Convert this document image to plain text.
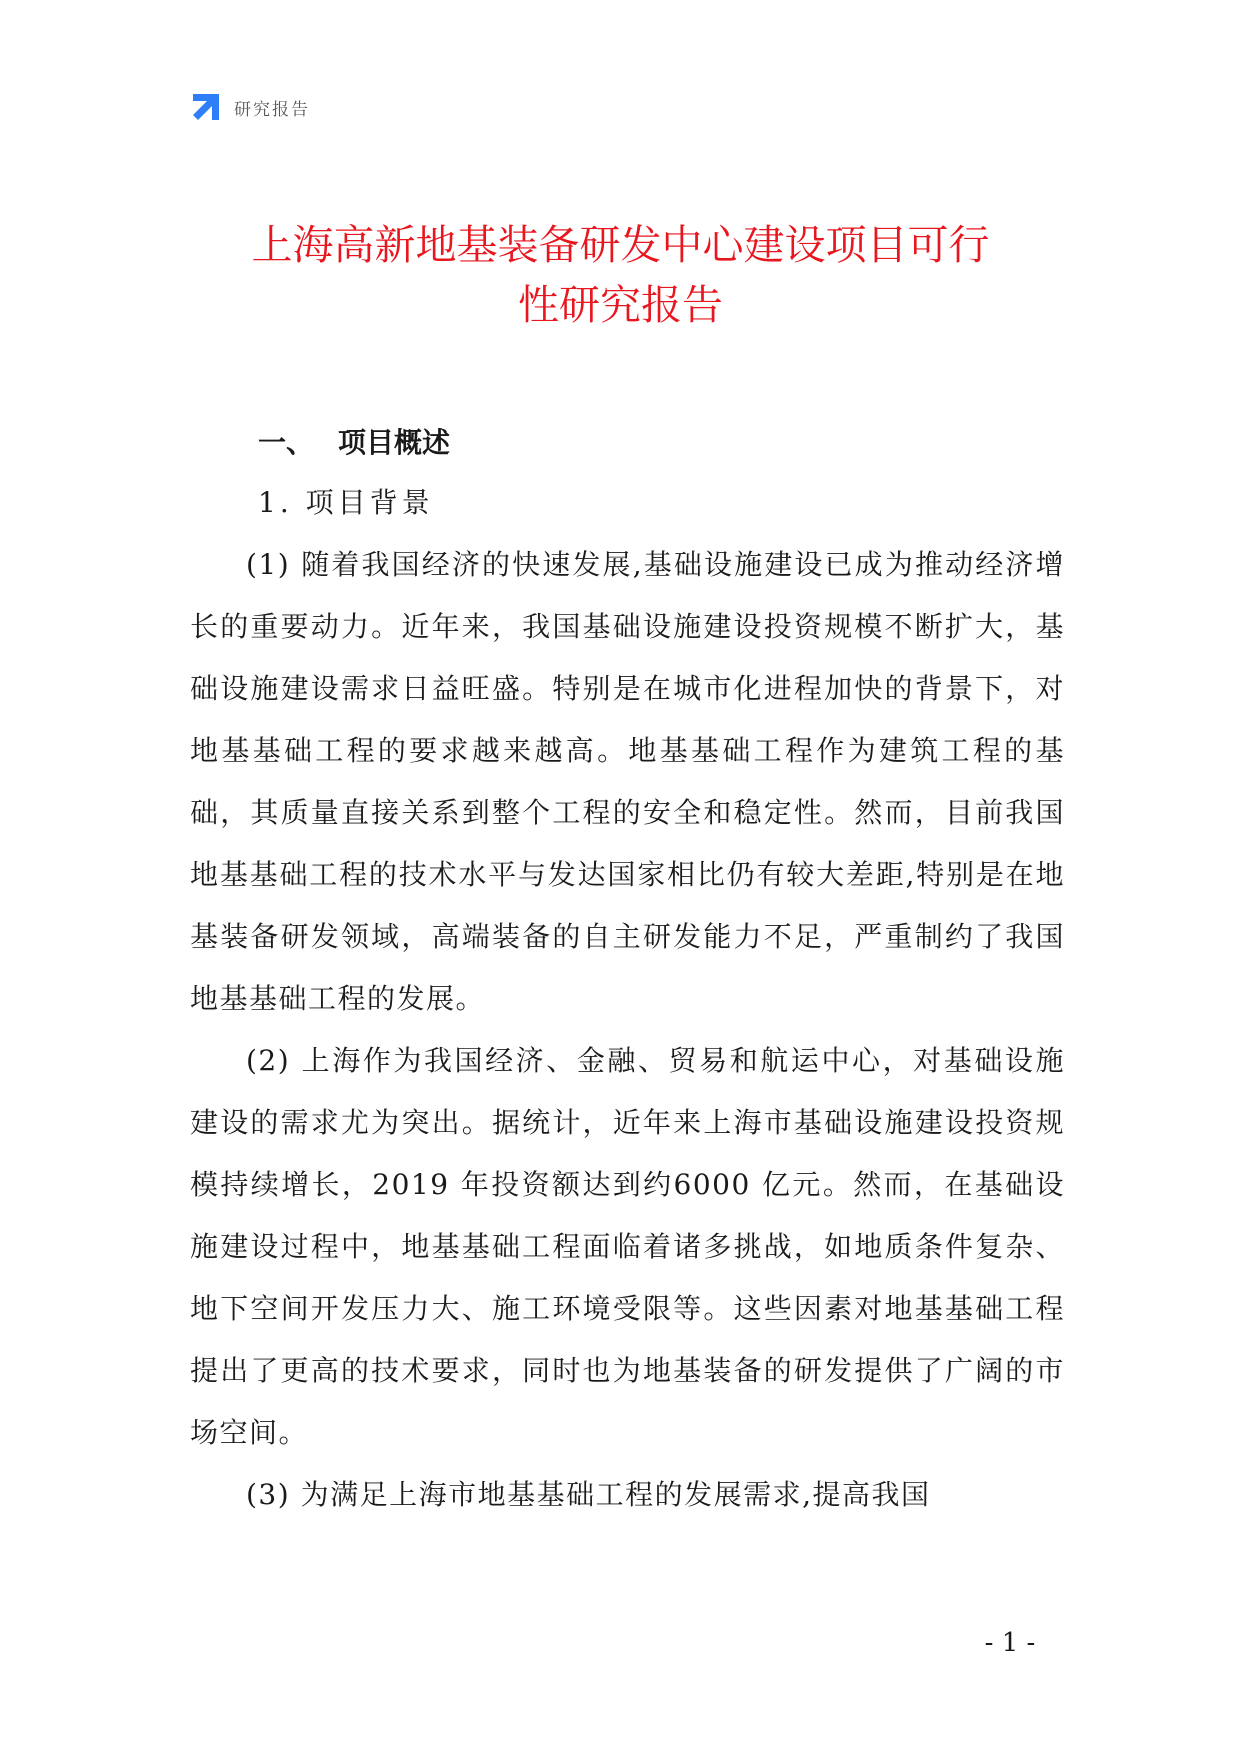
研究报告
上海高新地基装备研发中心建设项目可行
性研究报告
一、 项目概述
1. 项目背景

(1) 随着我国经济的快速发展,基础设施建设已成为推动经济增长的重要动力。近年来，我国基础设施建设投资规模不断扩大，基础设施建设需求日益旺盛。特别是在城市化进程加快的背景下，对地基基础工程的要求越来越高。地基基础工程作为建筑工程的基础，其质量直接关系到整个工程的安全和稳定性。然而，目前我国地基基础工程的技术水平与发达国家相比仍有较大差距,特别是在地基装备研发领域，高端装备的自主研发能力不足，严重制约了我国地基基础工程的发展。

(2) 上海作为我国经济、金融、贸易和航运中心，对基础设施建设的需求尤为突出。据统计，近年来上海市基础设施建设投资规模持续增长，2019 年投资额达到约6000 亿元。然而，在基础设施建设过程中，地基基础工程面临着诸多挑战，如地质条件复杂、地下空间开发压力大、施工环境受限等。这些因素对地基基础工程提出了更高的技术要求，同时也为地基装备的研发提供了广阔的市场空间。

(3) 为满足上海市地基基础工程的发展需求,提高我国

- 1 -
